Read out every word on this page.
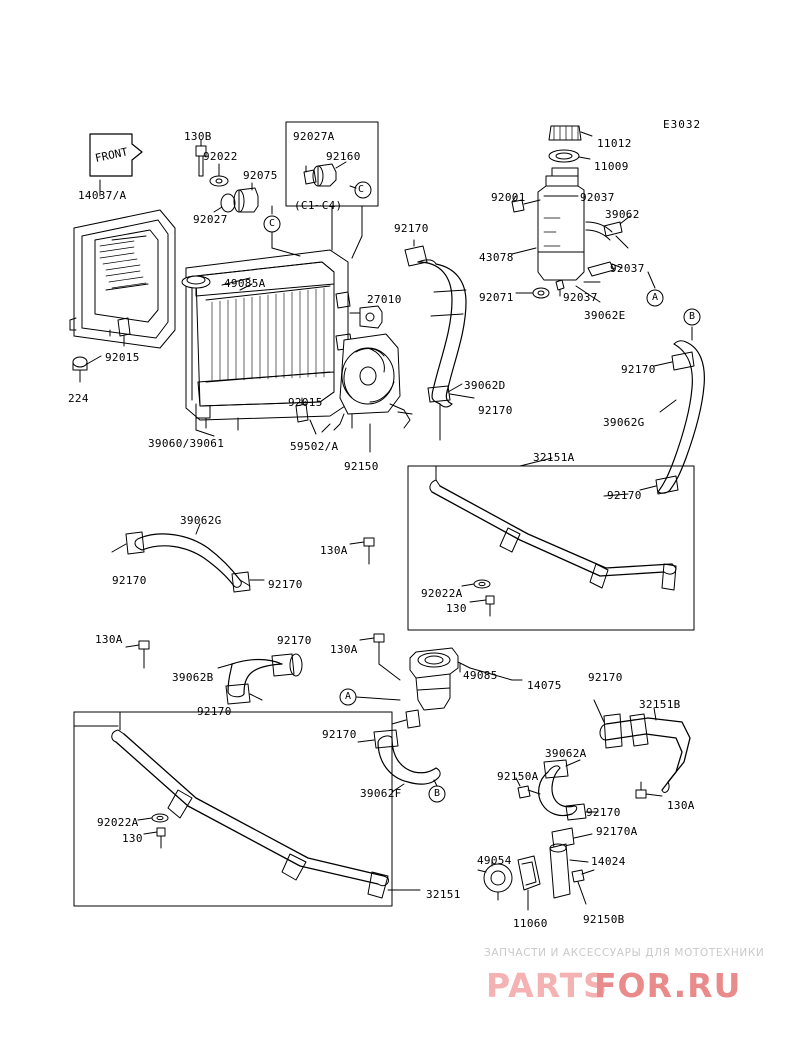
E3032
FRONT
14037/A
130B
92022
92075
92027
92027A
92160
(C1~C4)
92170
49085A
27010
92015
224
39060/39061
92015
59502/A
92150
39062D
92170
11012
11009
92001	92037
39062
43078
92037
92071	92037
39062E
92170
39062G
32151A
92170
39062G
92170	92170
130A
92022A
130
130A	92170
130A
39062B	49085
14075
92170
32151B
92170
92170
39062A
39062F
92150A
130A
92170
92170A
92022A
130
49054	14024
11060	92150B
32151
C
C
A
B
A
B
ЗАПЧАСТИ И АКСЕССУАРЫ ДЛЯ МОТОТЕХНИКИ
PARTS
FOR.RU
